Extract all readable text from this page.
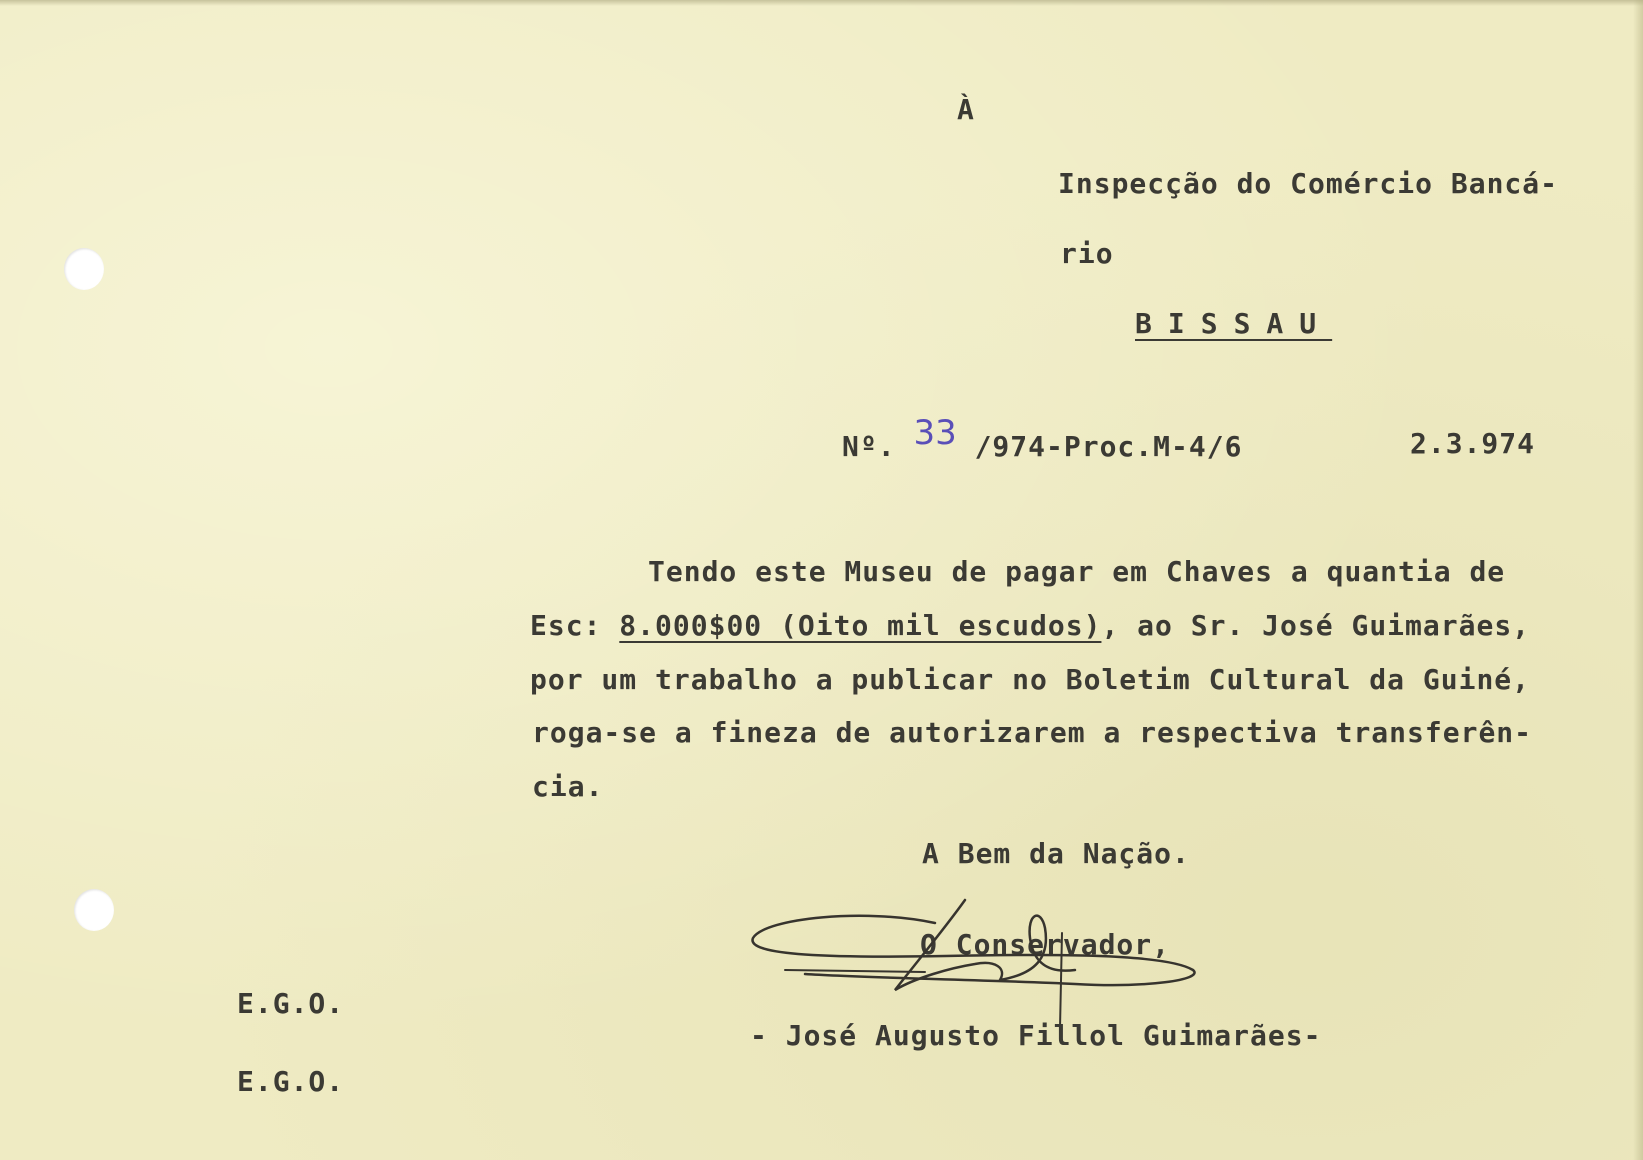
À

Inspecção do Comércio Bancá-

rio

BISSAU

Nº. 33 /974-Proc.M-4/6	2.3.974

Tendo este Museu de pagar em Chaves a quantia de

Esc: 8.000$00 (Oito mil escudos), ao Sr. José Guimarães,

por um trabalho a publicar no Boletim Cultural da Guiné,

roga-se a fineza de autorizarem a respectiva transferên-

cia.

A Bem da Nação.

O Conservador,

- José Augusto Fillol Guimarães-

E.G.O.

E.G.O.
